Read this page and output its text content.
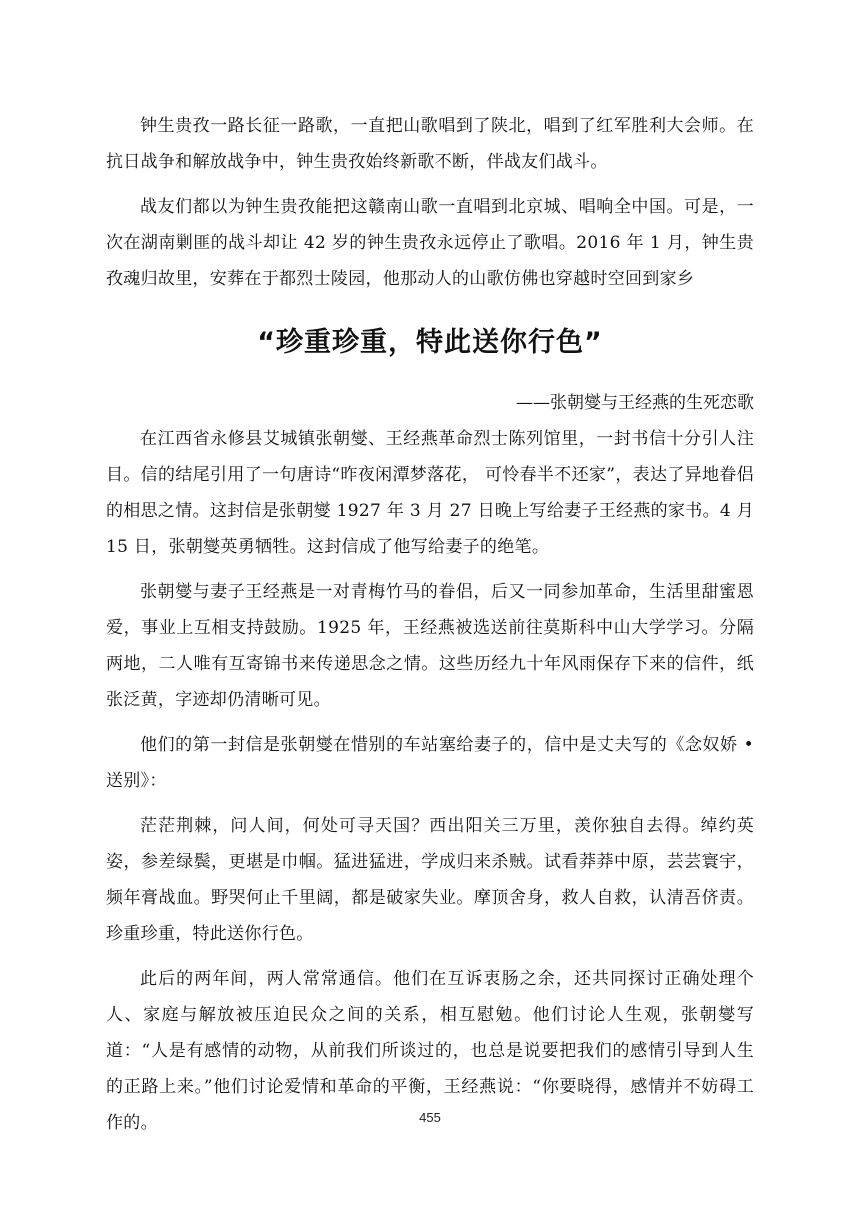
钟生贵孜一路长征一路歌，一直把山歌唱到了陕北，唱到了红军胜利大会师。在抗日战争和解放战争中，钟生贵孜始终新歌不断，伴战友们战斗。

战友们都以为钟生贵孜能把这赣南山歌一直唱到北京城、唱响全中国。可是，一次在湖南剿匪的战斗却让 42 岁的钟生贵孜永远停止了歌唱。2016 年 1 月，钟生贵孜魂归故里，安葬在于都烈士陵园，他那动人的山歌仿佛也穿越时空回到家乡

“珍重珍重，特此送你行色”
——张朝燮与王经燕的生死恋歌

在江西省永修县艾城镇张朝燮、王经燕革命烈士陈列馆里，一封书信十分引人注目。信的结尾引用了一句唐诗“昨夜闲潭梦落花， 可怜春半不还家”，表达了异地眷侣的相思之情。这封信是张朝燮 1927 年 3 月 27 日晚上写给妻子王经燕的家书。4 月 15 日，张朝燮英勇牺牲。这封信成了他写给妻子的绝笔。

张朝燮与妻子王经燕是一对青梅竹马的眷侣，后又一同参加革命，生活里甜蜜恩爱，事业上互相支持鼓励。1925 年，王经燕被选送前往莫斯科中山大学学习。分隔两地，二人唯有互寄锦书来传递思念之情。这些历经九十年风雨保存下来的信件，纸张泛黄，字迹却仍清晰可见。

他们的第一封信是张朝燮在惜别的车站塞给妻子的，信中是丈夫写的《念奴娇 •送别》：

茫茫荆棘，问人间，何处可寻天国？西出阳关三万里，羡你独自去得。绰约英姿，参差绿鬓，更堪是巾帼。猛进猛进，学成归来杀贼。试看莽莽中原，芸芸寰宇，频年膏战血。野哭何止千里阔，都是破家失业。摩顶舍身，救人自救，认清吾侪责。珍重珍重，特此送你行色。

此后的两年间，两人常常通信。他们在互诉衷肠之余，还共同探讨正确处理个人、家庭与解放被压迫民众之间的关系，相互慰勉。他们讨论人生观，张朝燮写道：“人是有感情的动物，从前我们所谈过的，也总是说要把我们的感情引导到人生的正路上来。”他们讨论爱情和革命的平衡，王经燕说：“你要晓得，感情并不妨碍工作的。	455
